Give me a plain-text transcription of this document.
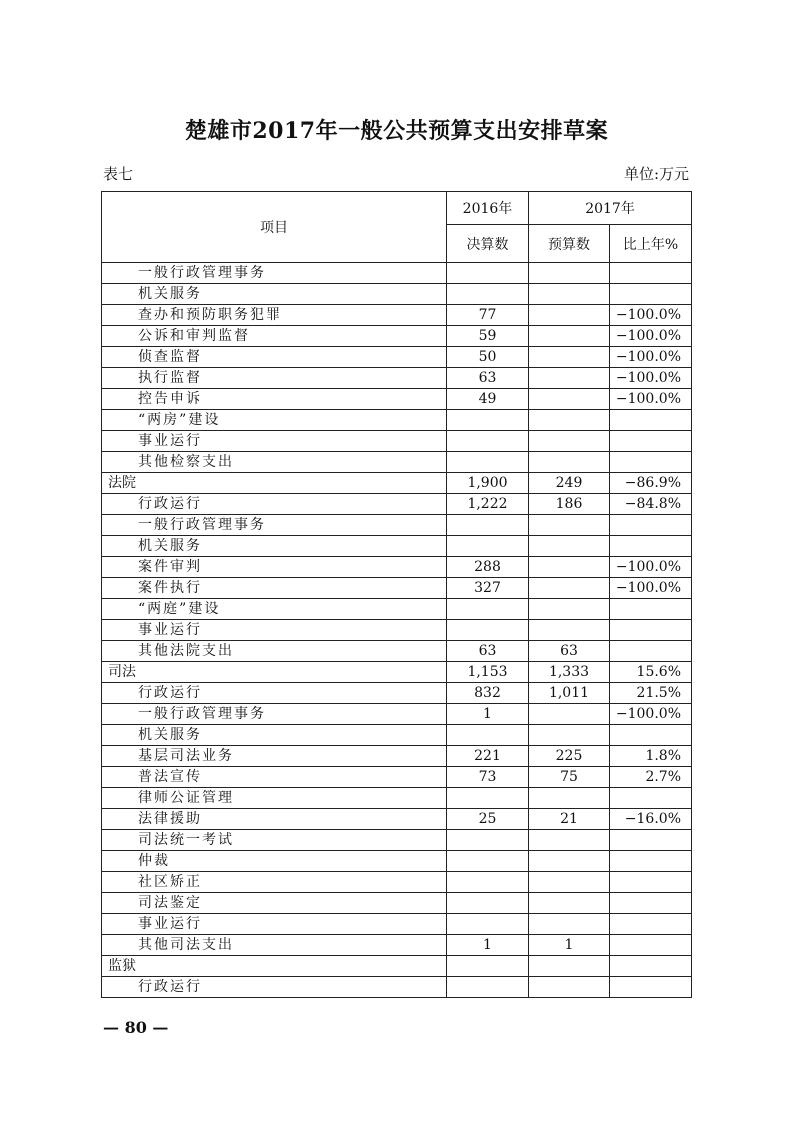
楚雄市2017年一般公共预算支出安排草案
表七	单位:万元
项目	2016年	2017年	
	决算数	预算数	比上年%
一般行政管理事务			
机关服务			
查办和预防职务犯罪	77		−100.0%
公诉和审判监督	59		−100.0%
侦查监督	50		−100.0%
执行监督	63		−100.0%
控告申诉	49		−100.0%
“两房”建设			
事业运行			
其他检察支出			
法院	1,900	249	−86.9%
行政运行	1,222	186	−84.8%
一般行政管理事务			
机关服务			
案件审判	288		−100.0%
案件执行	327		−100.0%
“两庭”建设			
事业运行			
其他法院支出	63	63	
司法	1,153	1,333	15.6%
行政运行	832	1,011	21.5%
一般行政管理事务	1		−100.0%
机关服务			
基层司法业务	221	225	1.8%
普法宣传	73	75	2.7%
律师公证管理			
法律援助	25	21	−16.0%
司法统一考试			
仲裁			
社区矫正			
司法鉴定			
事业运行			
其他司法支出	1	1	
监狱			
行政运行			
— 80 —
